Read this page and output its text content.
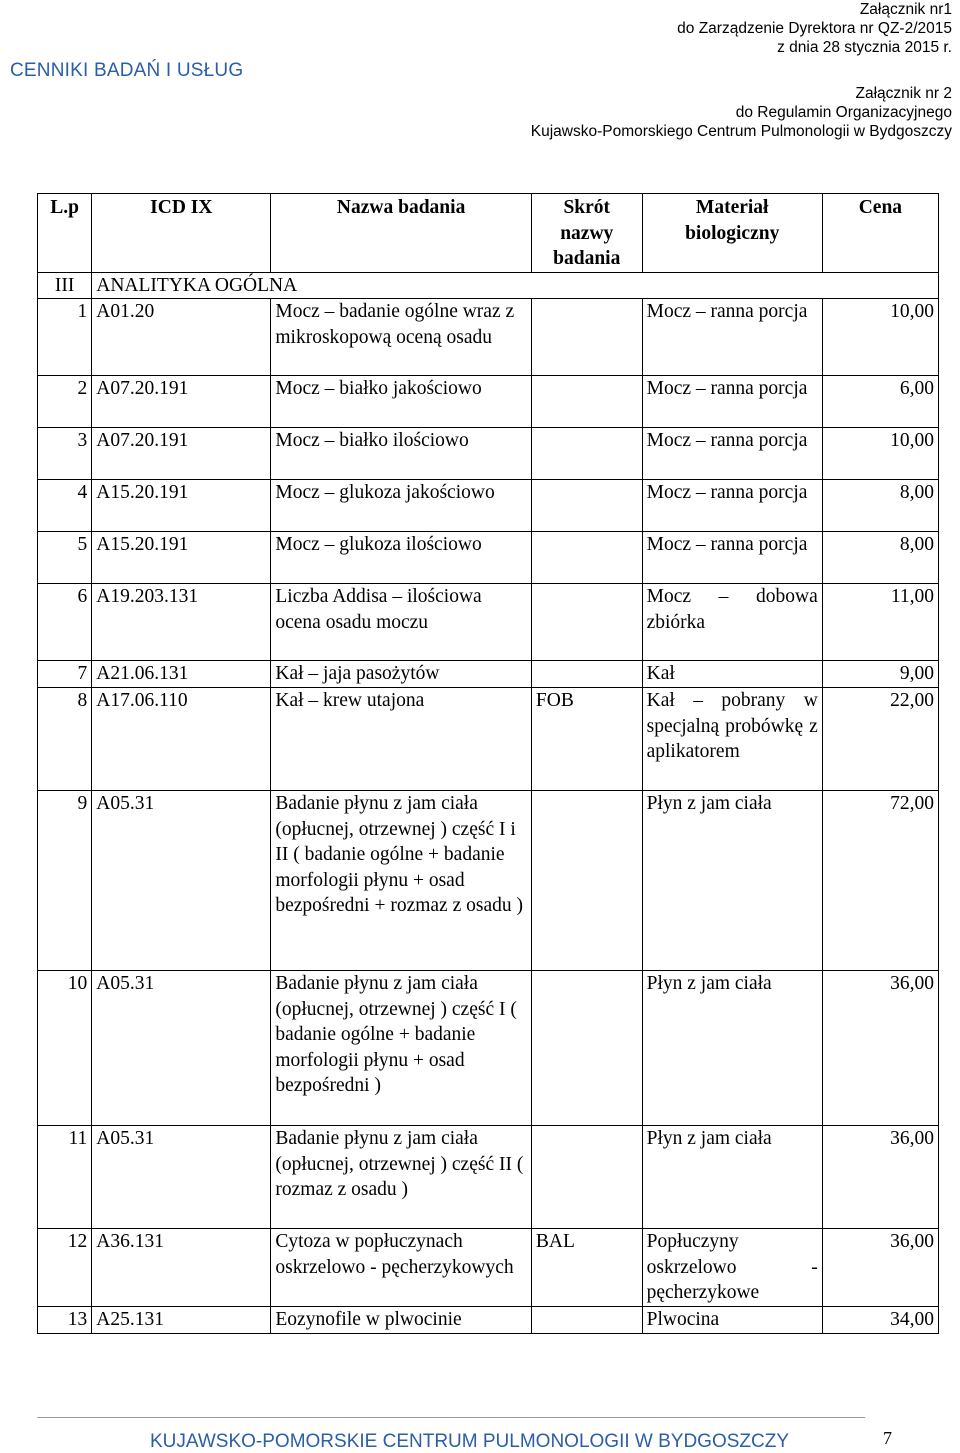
CENNIKI BADAŃ I USŁUG
Załącznik nr1
do Zarządzenie Dyrektora nr QZ-2/2015
z dnia 28 stycznia 2015 r.
Załącznik nr 2
do Regulamin Organizacyjnego
Kujawsko-Pomorskiego Centrum Pulmonologii w Bydgoszczy
L.p	ICD IX	Nazwa badania	Skrót nazwy badania	Materiał biologiczny	Cena
III	ANALITYKA OGÓLNA				
1	A01.20	Mocz – badanie ogólne wraz z mikroskopową oceną osadu		Mocz – ranna porcja	10,00
2	A07.20.191	Mocz – białko jakościowo		Mocz – ranna porcja	6,00
3	A07.20.191	Mocz – białko ilościowo		Mocz – ranna porcja	10,00
4	A15.20.191	Mocz – glukoza jakościowo		Mocz – ranna porcja	8,00
5	A15.20.191	Mocz – glukoza ilościowo		Mocz – ranna porcja	8,00
6	A19.203.131	Liczba Addisa – ilościowa ocena osadu moczu		Mocz – dobowa zbiórka	11,00
7	A21.06.131	Kał – jaja pasożytów		Kał	9,00
8	A17.06.110	Kał – krew utajona	FOB	Kał – pobrany w specjalną probówkę z aplikatorem	22,00
9	A05.31	Badanie płynu z jam ciała (opłucnej, otrzewnej ) część I i II ( badanie ogólne + badanie morfologii płynu + osad bezpośredni + rozmaz z osadu )		Płyn z jam ciała	72,00
10	A05.31	Badanie płynu z jam ciała (opłucnej, otrzewnej ) część I ( badanie ogólne + badanie morfologii płynu + osad bezpośredni )		Płyn z jam ciała	36,00
11	A05.31	Badanie płynu z jam ciała (opłucnej, otrzewnej ) część II ( rozmaz z osadu )		Płyn z jam ciała	36,00
12	A36.131	Cytoza w popłuczynach oskrzelowo - pęcherzykowych	BAL	Popłuczyny oskrzelowo - pęcherzykowe	36,00
13	A25.131	Eozynofile w plwocinie		Plwocina	34,00
KUJAWSKO-POMORSKIE CENTRUM PULMONOLOGII W BYDGOSZCZY	7
